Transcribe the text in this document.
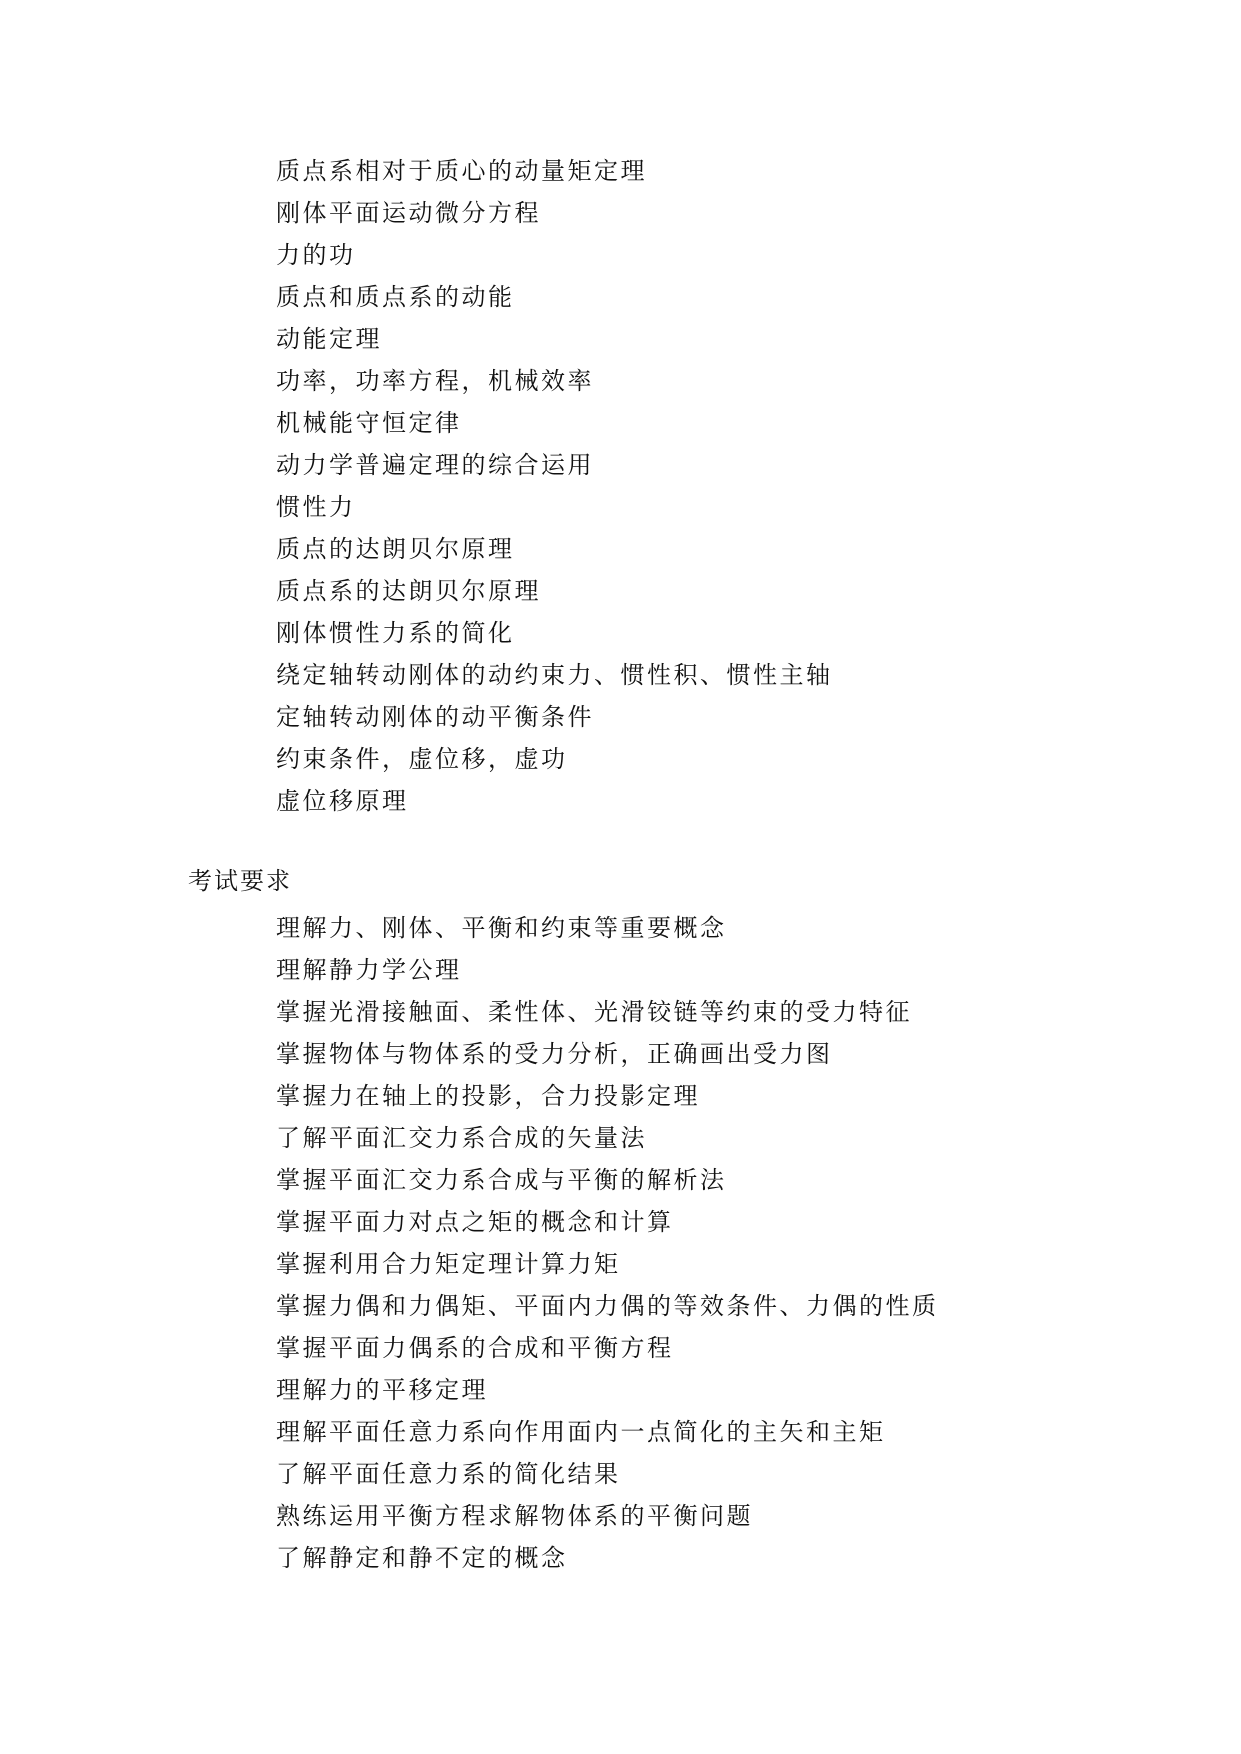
质点系相对于质心的动量矩定理
刚体平面运动微分方程
力的功
质点和质点系的动能
动能定理
功率，功率方程，机械效率
机械能守恒定律
动力学普遍定理的综合运用
惯性力
质点的达朗贝尔原理
质点系的达朗贝尔原理
刚体惯性力系的简化
绕定轴转动刚体的动约束力、惯性积、惯性主轴
定轴转动刚体的动平衡条件
约束条件，虚位移，虚功
虚位移原理
考试要求
理解力、刚体、平衡和约束等重要概念
理解静力学公理
掌握光滑接触面、柔性体、光滑铰链等约束的受力特征
掌握物体与物体系的受力分析，正确画出受力图
掌握力在轴上的投影，合力投影定理
了解平面汇交力系合成的矢量法
掌握平面汇交力系合成与平衡的解析法
掌握平面力对点之矩的概念和计算
掌握利用合力矩定理计算力矩
掌握力偶和力偶矩、平面内力偶的等效条件、力偶的性质
掌握平面力偶系的合成和平衡方程
理解力的平移定理
理解平面任意力系向作用面内一点简化的主矢和主矩
了解平面任意力系的简化结果
熟练运用平衡方程求解物体系的平衡问题
了解静定和静不定的概念
